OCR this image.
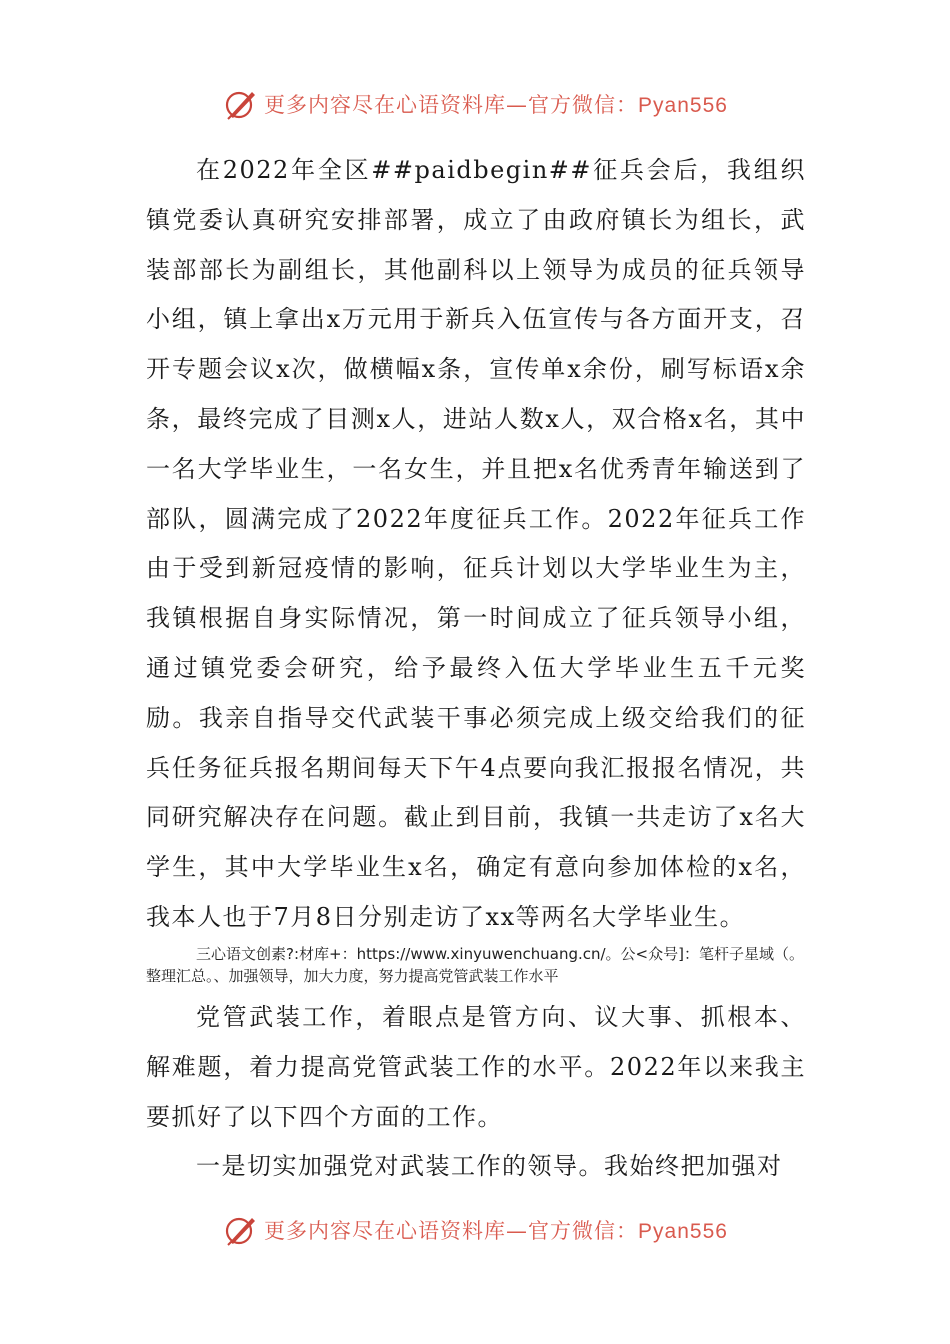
更多内容尽在心语资料库—官方微信：Pyan556

在2022年全区##paidbegin##征兵会后，我组织镇党委认真研究安排部署，成立了由政府镇长为组长，武装部部长为副组长，其他副科以上领导为成员的征兵领导小组，镇上拿出x万元用于新兵入伍宣传与各方面开支，召开专题会议x次，做横幅x条，宣传单x余份，刷写标语x余条，最终完成了目测x人，进站人数x人，双合格x名，其中一名大学毕业生，一名女生，并且把x名优秀青年输送到了部队，圆满完成了2022年度征兵工作。2022年征兵工作由于受到新冠疫情的影响，征兵计划以大学毕业生为主，我镇根据自身实际情况，第一时间成立了征兵领导小组，通过镇党委会研究，给予最终入伍大学毕业生五千元奖励。我亲自指导交代武装干事必须完成上级交给我们的征兵任务征兵报名期间每天下午4点要向我汇报报名情况，共同研究解决存在问题。截止到目前，我镇一共走访了x名大学生，其中大学毕业生x名，确定有意向参加体检的x名，我本人也于7月8日分别走访了xx等两名大学毕业生。

三心语文创素?:材库+：https://www.xinyuwenchuang.cn/。公<众号]：笔杆子星域（。
整理汇总。、加强领导，加大力度，努力提高党管武装工作水平

党管武装工作，着眼点是管方向、议大事、抓根本、解难题，着力提高党管武装工作的水平。2022年以来我主要抓好了以下四个方面的工作。

一是切实加强党对武装工作的领导。我始终把加强对

更多内容尽在心语资料库—官方微信：Pyan556
